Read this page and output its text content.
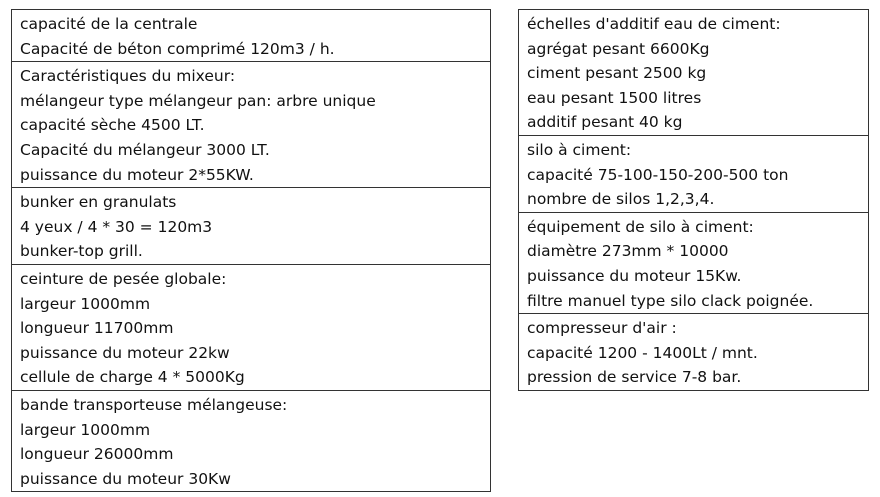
capacité de la centrale
Capacité de béton comprimé 120m3 / h.
Caractéristiques du mixeur:
mélangeur type mélangeur pan: arbre unique
capacité sèche 4500 LT.
Capacité du mélangeur 3000 LT.
puissance du moteur 2*55KW.
bunker en granulats
4 yeux / 4 * 30 = 120m3
bunker-top grill.
ceinture de pesée globale:
largeur 1000mm
longueur 11700mm
puissance du moteur 22kw
cellule de charge 4 * 5000Kg
bande transporteuse mélangeuse:
largeur 1000mm
longueur 26000mm
puissance du moteur 30Kw
échelles d'additif eau de ciment:
agrégat pesant 6600Kg
ciment pesant 2500 kg
eau pesant 1500 litres
additif pesant 40 kg
silo à ciment:
capacité 75-100-150-200-500 ton
nombre de silos 1,2,3,4.
équipement de silo à ciment:
diamètre 273mm * 10000
puissance du moteur 15Kw.
filtre manuel type silo clack poignée.
compresseur d'air :
capacité 1200 - 1400Lt / mnt.
pression de service 7-8 bar.
